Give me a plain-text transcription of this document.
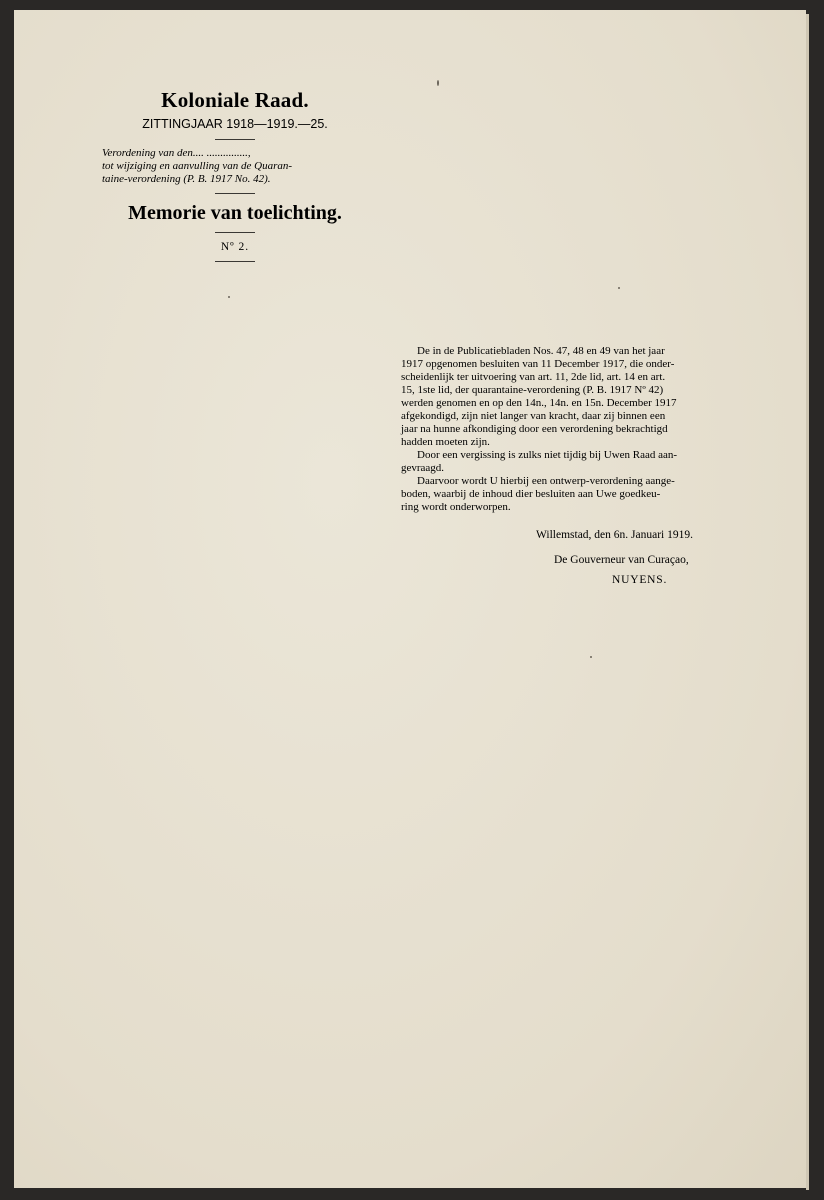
Koloniale Raad.
ZITTINGJAAR 1918—1919.—25.
Verordening van den.... ...............,
tot wijziging en aanvulling van de Quaran-
taine-verordening (P. B. 1917 No. 42).
Memorie van toelichting.
Nº 2.
De in de Publicatiebladen Nos. 47, 48 en 49 van het jaar
1917 opgenomen besluiten van 11 December 1917, die onder-
scheidenlijk ter uitvoering van art. 11, 2de lid, art. 14 en art.
15, 1ste lid, der quarantaine-verordening (P. B. 1917 Nº 42)
werden genomen en op den 14n., 14n. en 15n. December 1917
afgekondigd, zijn niet langer van kracht, daar zij binnen een
jaar na hunne afkondiging door een verordening bekrachtigd
hadden moeten zijn.
Door een vergissing is zulks niet tijdig bij Uwen Raad aan-
gevraagd.
Daarvoor wordt U hierbij een ontwerp-verordening aange-
boden, waarbij de inhoud dier besluiten aan Uwe goedkeu-
ring wordt onderworpen.
Willemstad, den 6n. Januari 1919.
De Gouverneur van Curaçao,
NUYENS.
